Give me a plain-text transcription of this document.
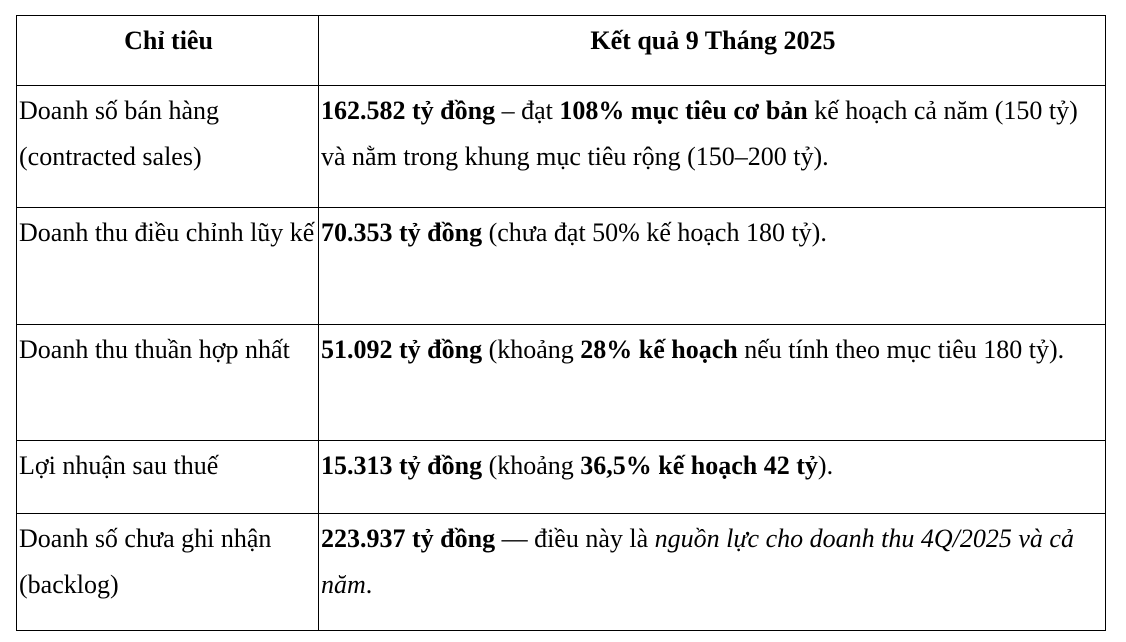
Chỉ tiêu	Kết quả 9 Tháng 2025
Doanh số bán hàng (contracted sales)	162.582 tỷ đồng – đạt 108% mục tiêu cơ bản kế hoạch cả năm (150 tỷ) và nằm trong khung mục tiêu rộng (150–200 tỷ).
Doanh thu điều chỉnh lũy kế	70.353 tỷ đồng (chưa đạt 50% kế hoạch 180 tỷ).
Doanh thu thuần hợp nhất	51.092 tỷ đồng (khoảng 28% kế hoạch nếu tính theo mục tiêu 180 tỷ).
Lợi nhuận sau thuế	15.313 tỷ đồng (khoảng 36,5% kế hoạch 42 tỷ).
Doanh số chưa ghi nhận (backlog)	223.937 tỷ đồng — điều này là nguồn lực cho doanh thu 4Q/2025 và cả năm.
